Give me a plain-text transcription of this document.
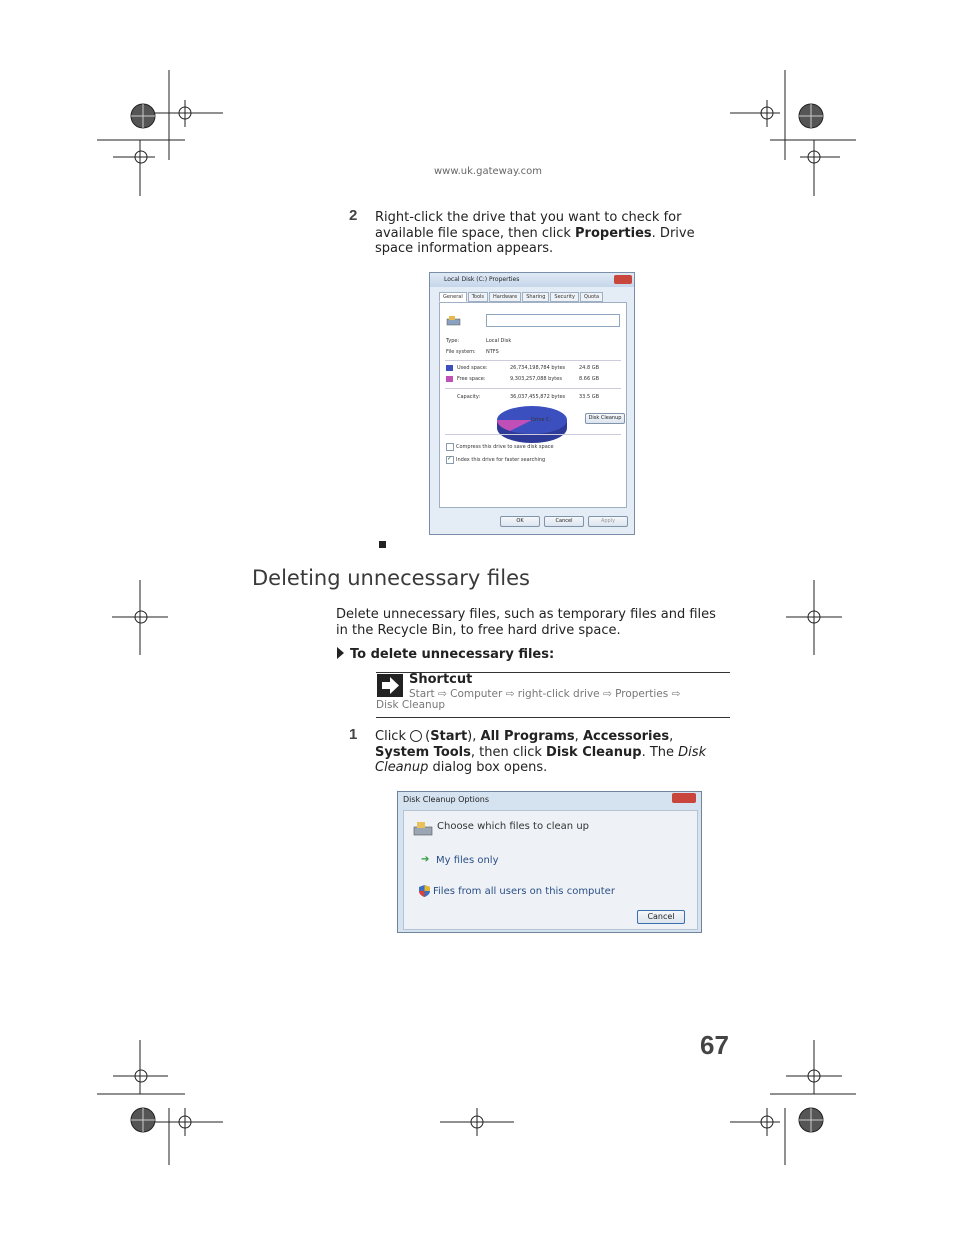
www.uk.gateway.com
2 Right-click the drive that you want to check for available file space, then click Properties. Drive space information appears.
Local Disk (C:) Properties
General	Tools	Hardware	Sharing	Security	Quota
Type:	Local Disk
File system: NTFS
Used space:	26,734,198,784 bytes	24.8 GB
Free space:	9,303,257,088 bytes	8.66 GB
Capacity:	36,037,455,872 bytes	33.5 GB
Drive C:	Disk Cleanup
Compress this drive to save disk space
✓ Index this drive for faster searching
OK	Cancel	Apply
Deleting unnecessary files
Delete unnecessary files, such as temporary files and files in the Recycle Bin, to free hard drive space.
To delete unnecessary files:
Shortcut
Start ⇨ Computer ⇨ right-click drive ⇨ Properties ⇨
Disk Cleanup
1 Click (Start), All Programs, Accessories, System Tools, then click Disk Cleanup. The Disk Cleanup dialog box opens.
Disk Cleanup Options
Choose which files to clean up
➔ My files only
Files from all users on this computer
Cancel
67
